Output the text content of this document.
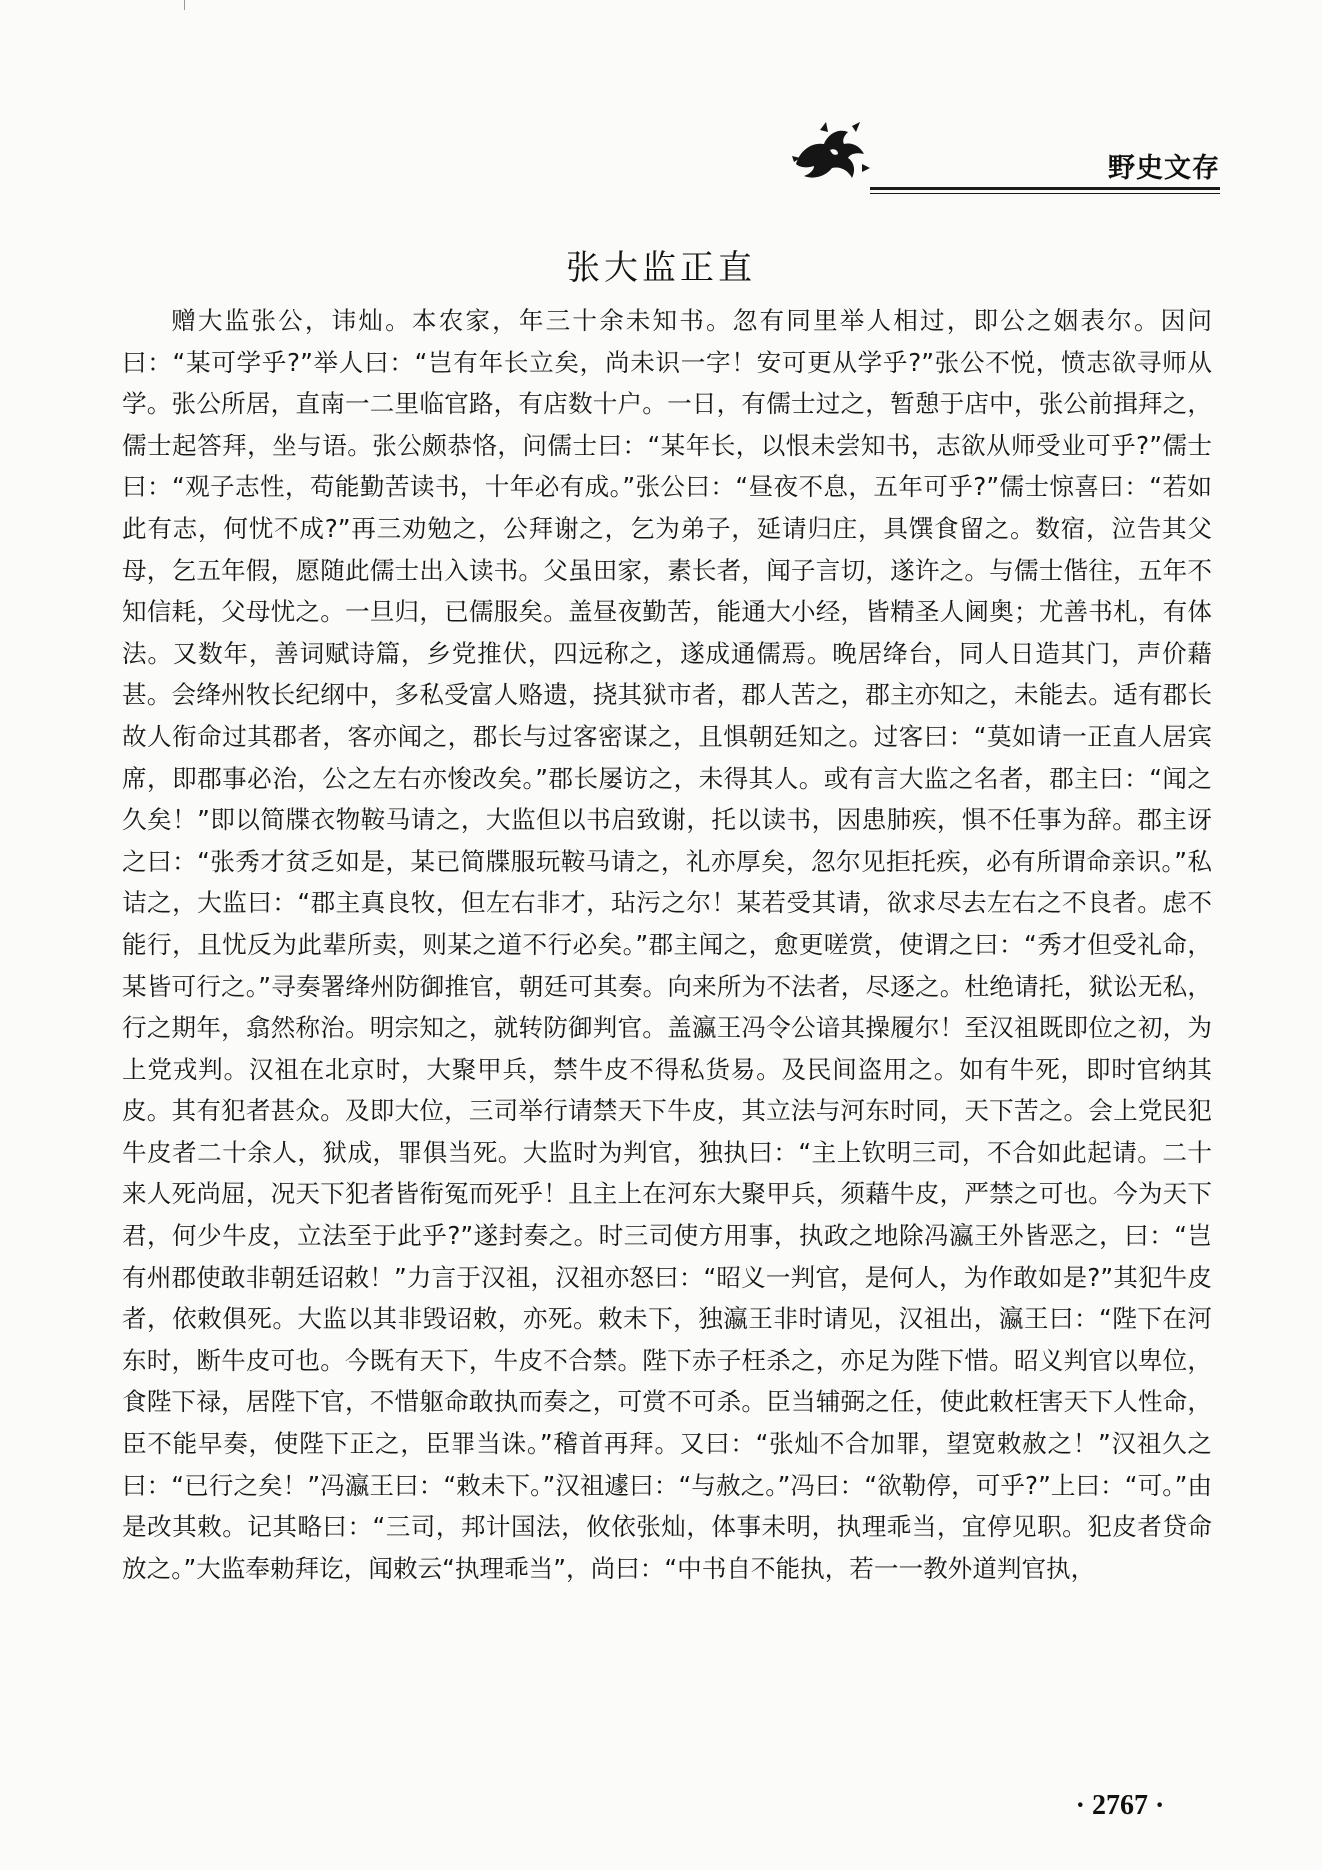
野史文存
张大监正直
赠大监张公，讳灿。本农家，年三十余未知书。忽有同里举人相过，即公之姻表尔。因问曰：“某可学乎?”举人曰：“岂有年长立矣，尚未识一字！安可更从学乎?”张公不悦，愤志欲寻师从学。张公所居，直南一二里临官路，有店数十户。一日，有儒士过之，暂憩于店中，张公前揖拜之，儒士起答拜，坐与语。张公颇恭恪，问儒士曰：“某年长，以恨未尝知书，志欲从师受业可乎?”儒士曰：“观子志性，苟能勤苦读书，十年必有成。”张公曰：“昼夜不息，五年可乎?”儒士惊喜曰：“若如此有志，何忧不成?”再三劝勉之，公拜谢之，乞为弟子，延请归庄，具馔食留之。数宿，泣告其父母，乞五年假，愿随此儒士出入读书。父虽田家，素长者，闻子言切，遂许之。与儒士偕往，五年不知信耗，父母忧之。一旦归，已儒服矣。盖昼夜勤苦，能通大小经，皆精圣人阃奥；尤善书札，有体法。又数年，善词赋诗篇，乡党推伏，四远称之，遂成通儒焉。晚居绛台，同人日造其门，声价藉甚。会绛州牧长纪纲中，多私受富人赂遗，挠其狱市者，郡人苦之，郡主亦知之，未能去。适有郡长故人衔命过其郡者，客亦闻之，郡长与过客密谋之，且惧朝廷知之。过客曰：“莫如请一正直人居宾席，即郡事必治，公之左右亦悛改矣。”郡长屡访之，未得其人。或有言大监之名者，郡主曰：“闻之久矣！”即以简牒衣物鞍马请之，大监但以书启致谢，托以读书，因患肺疾，惧不任事为辞。郡主讶之曰：“张秀才贫乏如是，某已简牒服玩鞍马请之，礼亦厚矣，忽尔见拒托疾，必有所谓命亲识。”私诘之，大监曰：“郡主真良牧，但左右非才，玷污之尔！某若受其请，欲求尽去左右之不良者。虑不能行，且忧反为此辈所卖，则某之道不行必矣。”郡主闻之，愈更嗟赏，使谓之曰：“秀才但受礼命，某皆可行之。”寻奏署绛州防御推官，朝廷可其奏。向来所为不法者，尽逐之。杜绝请托，狱讼无私，行之期年，翕然称治。明宗知之，就转防御判官。盖瀛王冯令公谙其操履尔！至汉祖既即位之初，为上党戎判。汉祖在北京时，大聚甲兵，禁牛皮不得私货易。及民间盗用之。如有牛死，即时官纳其皮。其有犯者甚众。及即大位，三司举行请禁天下牛皮，其立法与河东时同，天下苦之。会上党民犯牛皮者二十余人，狱成，罪俱当死。大监时为判官，独执曰：“主上钦明三司，不合如此起请。二十来人死尚屈，况天下犯者皆衔冤而死乎！且主上在河东大聚甲兵，须藉牛皮，严禁之可也。今为天下君，何少牛皮，立法至于此乎?”遂封奏之。时三司使方用事，执政之地除冯瀛王外皆恶之，曰：“岂有州郡使敢非朝廷诏敕！”力言于汉祖，汉祖亦怒曰：“昭义一判官，是何人，为作敢如是?”其犯牛皮者，依敕俱死。大监以其非毁诏敕，亦死。敕未下，独瀛王非时请见，汉祖出，瀛王曰：“陛下在河东时，断牛皮可也。今既有天下，牛皮不合禁。陛下赤子枉杀之，亦足为陛下惜。昭义判官以卑位，食陛下禄，居陛下官，不惜躯命敢执而奏之，可赏不可杀。臣当辅弼之任，使此敕枉害天下人性命，臣不能早奏，使陛下正之，臣罪当诛。”稽首再拜。又曰：“张灿不合加罪，望宽敕赦之！”汉祖久之曰：“已行之矣！”冯瀛王曰：“敕未下。”汉祖遽曰：“与赦之。”冯曰：“欲勒停，可乎?”上曰：“可。”由是改其敕。记其略曰：“三司，邦计国法，攸依张灿，体事未明，执理乖当，宜停见职。犯皮者贷命放之。”大监奉勅拜讫，闻敕云“执理乖当”，尚曰：“中书自不能执，若一一教外道判官执，
· 2767 ·
